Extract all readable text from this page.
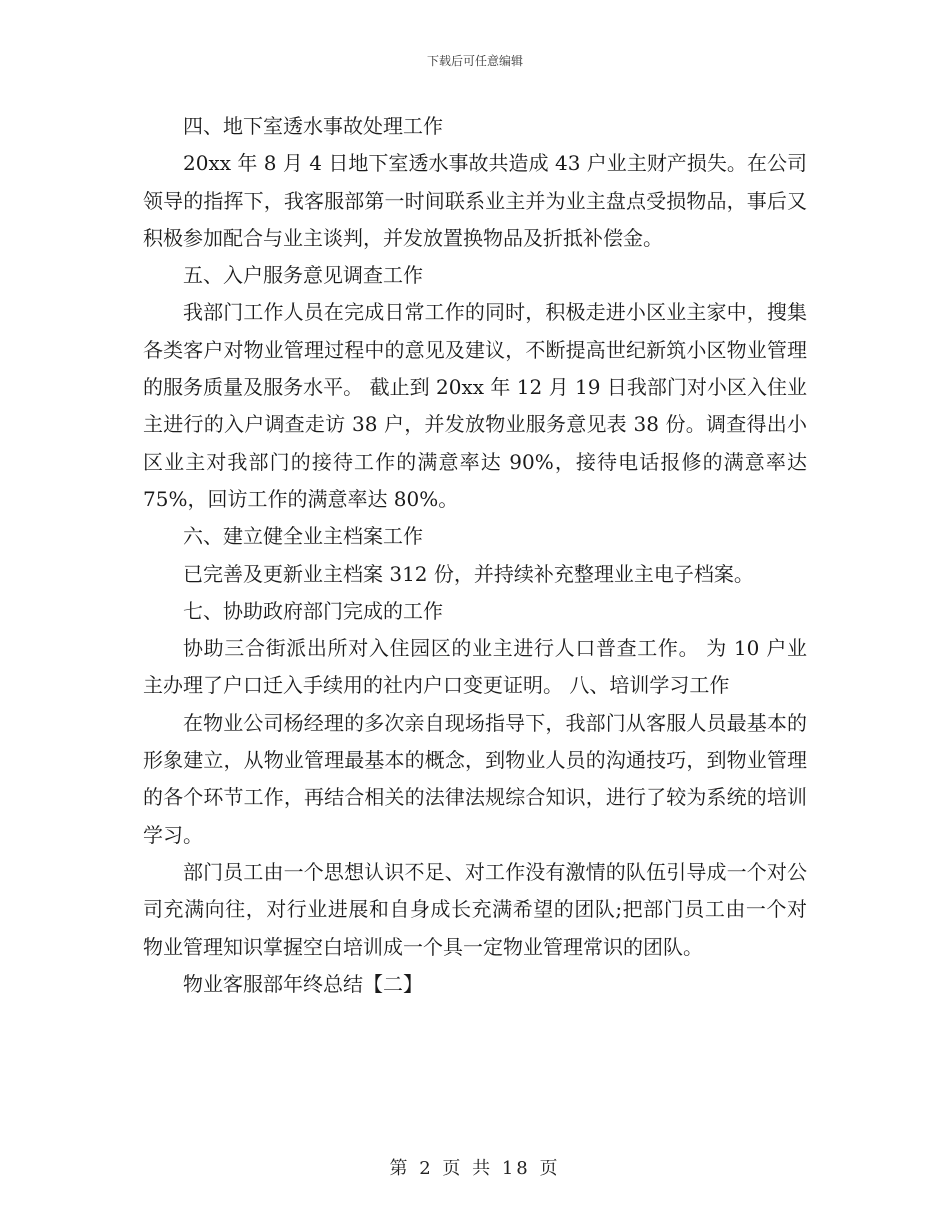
下载后可任意编辑

四、地下室透水事故处理工作

20xx 年 8 月 4 日地下室透水事故共造成 43 户业主财产损失。在公司领导的指挥下，我客服部第一时间联系业主并为业主盘点受损物品，事后又积极参加配合与业主谈判，并发放置换物品及折抵补偿金。

五、入户服务意见调查工作

我部门工作人员在完成日常工作的同时，积极走进小区业主家中，搜集各类客户对物业管理过程中的意见及建议，不断提高世纪新筑小区物业管理的服务质量及服务水平。 截止到 20xx 年 12 月 19 日我部门对小区入住业主进行的入户调查走访 38 户，并发放物业服务意见表 38 份。调查得出小区业主对我部门的接待工作的满意率达 90%，接待电话报修的满意率达 75%，回访工作的满意率达 80%。

六、建立健全业主档案工作

已完善及更新业主档案 312 份，并持续补充整理业主电子档案。

七、协助政府部门完成的工作

协助三合街派出所对入住园区的业主进行人口普查工作。 为 10 户业主办理了户口迁入手续用的社内户口变更证明。 八、培训学习工作

在物业公司杨经理的多次亲自现场指导下，我部门从客服人员最基本的形象建立，从物业管理最基本的概念，到物业人员的沟通技巧，到物业管理的各个环节工作，再结合相关的法律法规综合知识，进行了较为系统的培训学习。

部门员工由一个思想认识不足、对工作没有激情的队伍引导成一个对公司充满向往，对行业进展和自身成长充满希望的团队;把部门员工由一个对物业管理知识掌握空白培训成一个具一定物业管理常识的团队。

物业客服部年终总结【二】

第 2 页 共 18 页
